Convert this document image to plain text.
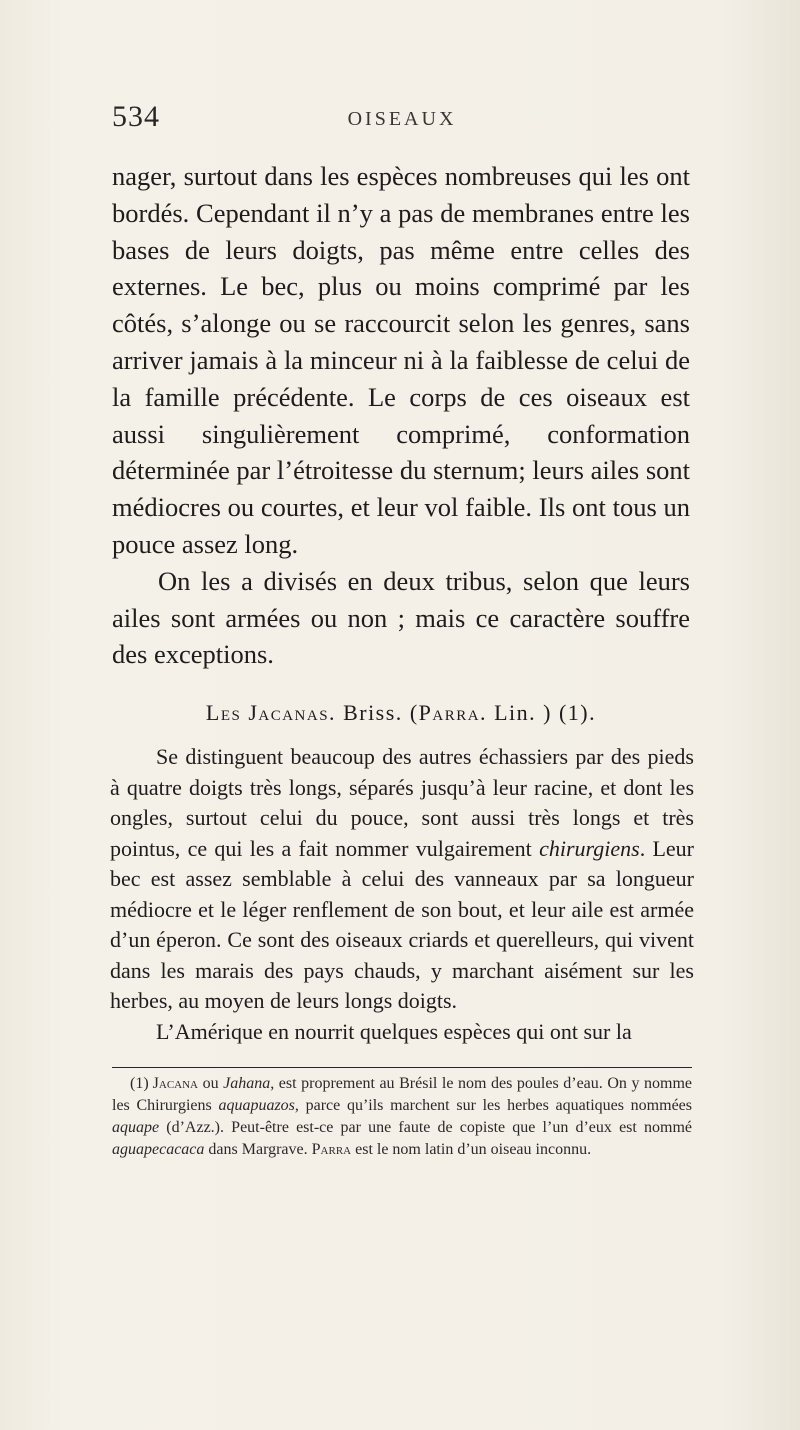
534	OISEAUX

nager, surtout dans les espèces nombreuses qui les ont bordés. Cependant il n’y a pas de membranes entre les bases de leurs doigts, pas même entre celles des externes. Le bec, plus ou moins comprimé par les côtés, s’alonge ou se raccourcit selon les genres, sans arriver jamais à la minceur ni à la faiblesse de celui de la famille précédente. Le corps de ces oiseaux est aussi singulièrement comprimé, conformation déterminée par l’étroitesse du sternum; leurs ailes sont médiocres ou courtes, et leur vol faible. Ils ont tous un pouce assez long.

On les a divisés en deux tribus, selon que leurs ailes sont armées ou non ; mais ce caractère souffre des exceptions.

Les Jacanas. Briss. (Parra. Lin. ) (1).

Se distinguent beaucoup des autres échassiers par des pieds à quatre doigts très longs, séparés jusqu’à leur racine, et dont les ongles, surtout celui du pouce, sont aussi très longs et très pointus, ce qui les a fait nommer vulgairement chirurgiens. Leur bec est assez semblable à celui des vanneaux par sa longueur médiocre et le léger renflement de son bout, et leur aile est armée d’un éperon. Ce sont des oiseaux criards et querelleurs, qui vivent dans les marais des pays chauds, y marchant aisément sur les herbes, au moyen de leurs longs doigts.

L’Amérique en nourrit quelques espèces qui ont sur la

(1) Jacana ou Jahana, est proprement au Brésil le nom des poules d’eau. On y nomme les Chirurgiens aquapuazos, parce qu’ils marchent sur les herbes aquatiques nommées aquape (d’Azz.). Peut-être est-ce par une faute de copiste que l’un d’eux est nommé aguapecacaca dans Margrave. Parra est le nom latin d’un oiseau inconnu.
